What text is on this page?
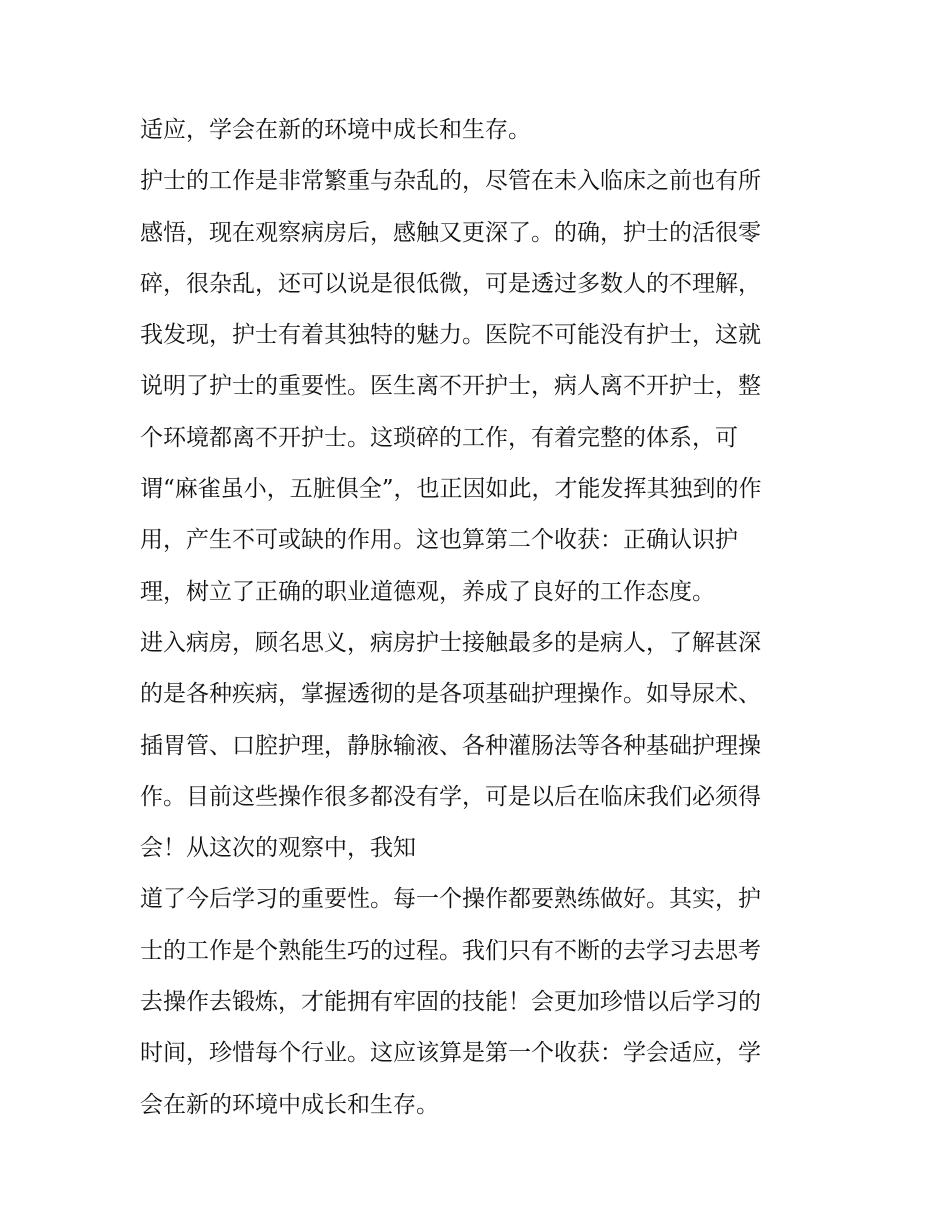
适应，学会在新的环境中成长和生存。
护士的工作是非常繁重与杂乱的，尽管在未入临床之前也有所
感悟，现在观察病房后，感触又更深了。的确，护士的活很零
碎，很杂乱，还可以说是很低微，可是透过多数人的不理解，
我发现，护士有着其独特的魅力。医院不可能没有护士，这就
说明了护士的重要性。医生离不开护士，病人离不开护士，整
个环境都离不开护士。这琐碎的工作，有着完整的体系，可
谓“麻雀虽小，五脏俱全”，也正因如此，才能发挥其独到的作
用，产生不可或缺的作用。这也算第二个收获：正确认识护
理，树立了正确的职业道德观，养成了良好的工作态度。
进入病房，顾名思义，病房护士接触最多的是病人，了解甚深
的是各种疾病，掌握透彻的是各项基础护理操作。如导尿术、
插胃管、口腔护理，静脉输液、各种灌肠法等各种基础护理操
作。目前这些操作很多都没有学，可是以后在临床我们必须得
会！从这次的观察中，我知
道了今后学习的重要性。每一个操作都要熟练做好。其实，护
士的工作是个熟能生巧的过程。我们只有不断的去学习去思考
去操作去锻炼，才能拥有牢固的技能！会更加珍惜以后学习的
时间，珍惜每个行业。这应该算是第一个收获：学会适应，学
会在新的环境中成长和生存。
